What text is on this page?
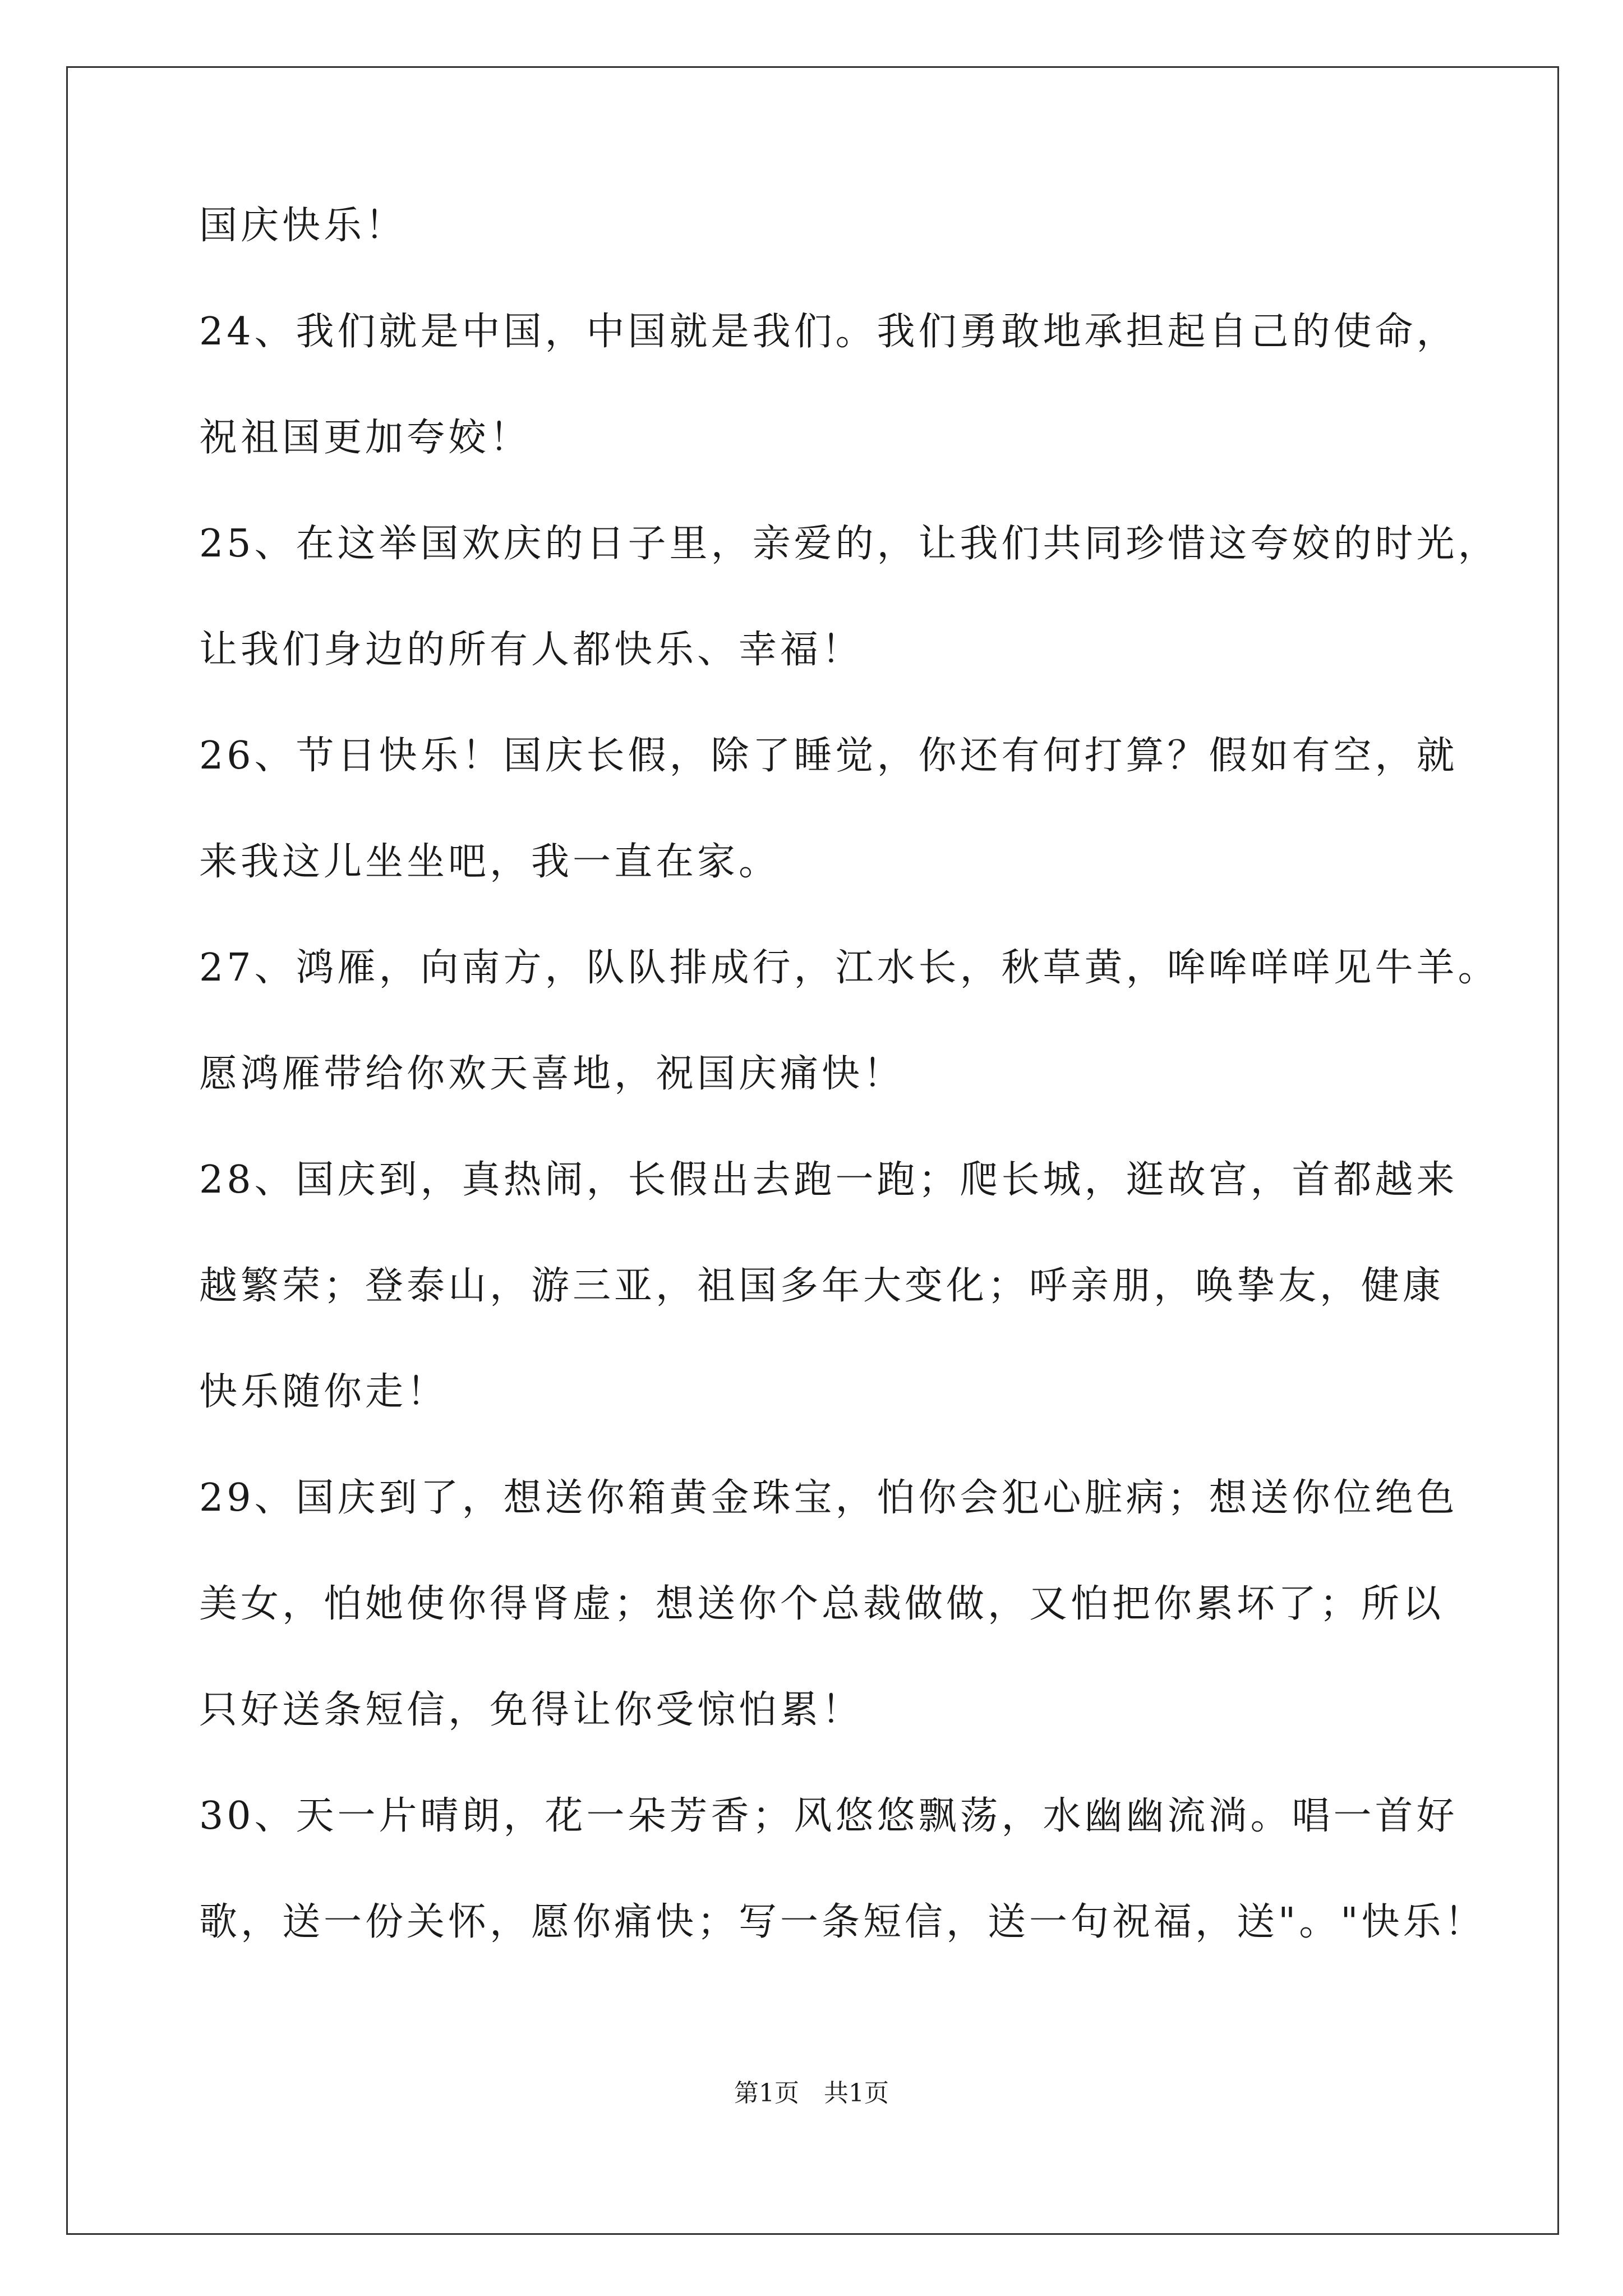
国庆快乐！
24、我们就是中国，中国就是我们。我们勇敢地承担起自己的使命，
祝祖国更加夸姣！
25、在这举国欢庆的日子里，亲爱的，让我们共同珍惜这夸姣的时光，
让我们身边的所有人都快乐、幸福！
26、节日快乐！国庆长假，除了睡觉，你还有何打算？假如有空，就
来我这儿坐坐吧，我一直在家。
27、鸿雁，向南方，队队排成行，江水长，秋草黄，哞哞咩咩见牛羊。
愿鸿雁带给你欢天喜地，祝国庆痛快！
28、国庆到，真热闹，长假出去跑一跑；爬长城，逛故宫，首都越来
越繁荣；登泰山，游三亚，祖国多年大变化；呼亲朋，唤挚友，健康
快乐随你走！
29、国庆到了，想送你箱黄金珠宝，怕你会犯心脏病；想送你位绝色
美女，怕她使你得肾虚；想送你个总裁做做，又怕把你累坏了；所以
只好送条短信，免得让你受惊怕累！
30、天一片晴朗，花一朵芳香；风悠悠飘荡，水幽幽流淌。唱一首好
歌，送一份关怀，愿你痛快；写一条短信，送一句祝福，送"。"快乐！
第1页　共1页
